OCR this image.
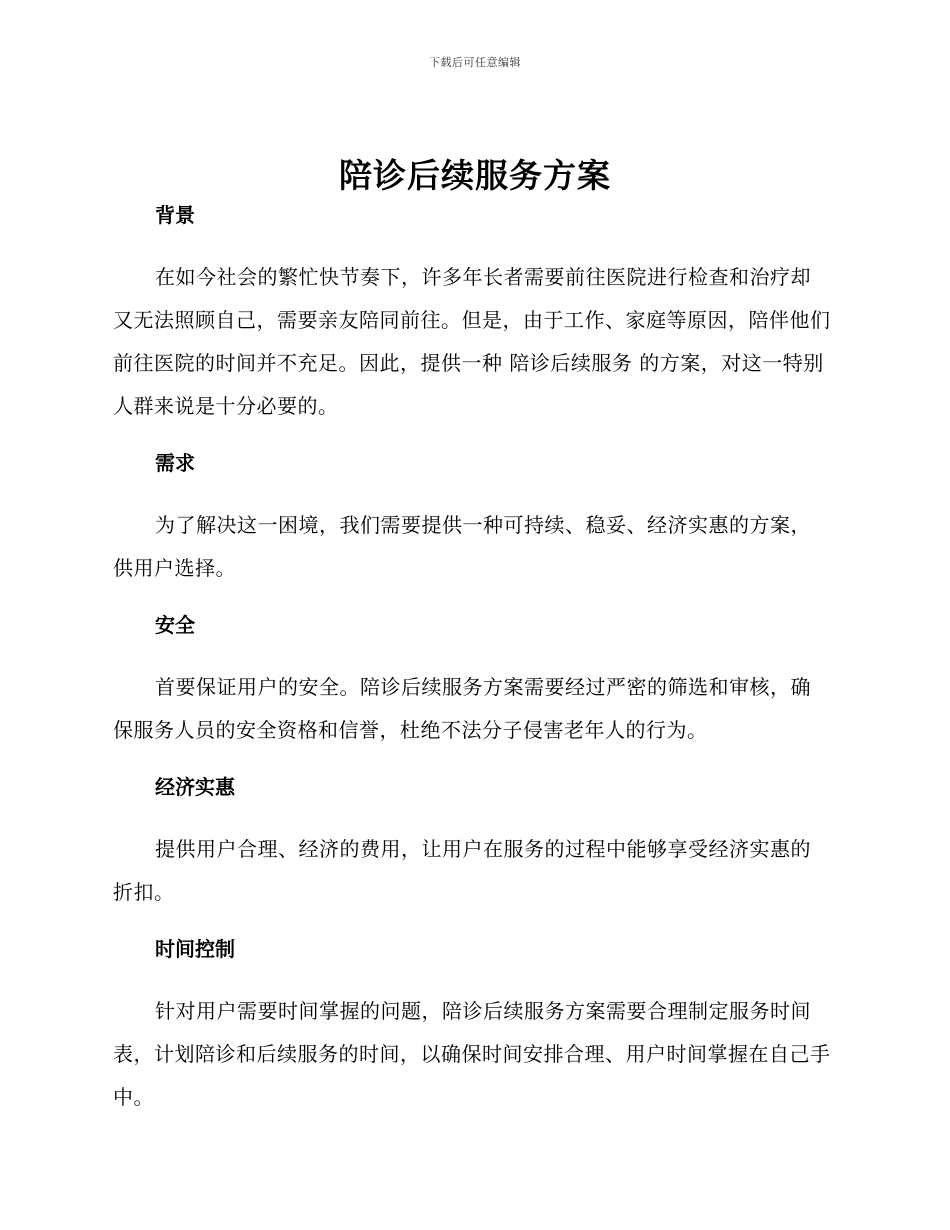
下载后可任意编辑
陪诊后续服务方案
背景

在如今社会的繁忙快节奏下，许多年长者需要前往医院进行检查和治疗却又无法照顾自己，需要亲友陪同前往。但是，由于工作、家庭等原因，陪伴他们前往医院的时间并不充足。因此，提供一种 陪诊后续服务 的方案，对这一特别人群来说是十分必要的。

需求

为了解决这一困境，我们需要提供一种可持续、稳妥、经济实惠的方案，供用户选择。

安全

首要保证用户的安全。陪诊后续服务方案需要经过严密的筛选和审核，确保服务人员的安全资格和信誉，杜绝不法分子侵害老年人的行为。

经济实惠

提供用户合理、经济的费用，让用户在服务的过程中能够享受经济实惠的折扣。

时间控制

针对用户需要时间掌握的问题，陪诊后续服务方案需要合理制定服务时间表，计划陪诊和后续服务的时间，以确保时间安排合理、用户时间掌握在自己手中。
